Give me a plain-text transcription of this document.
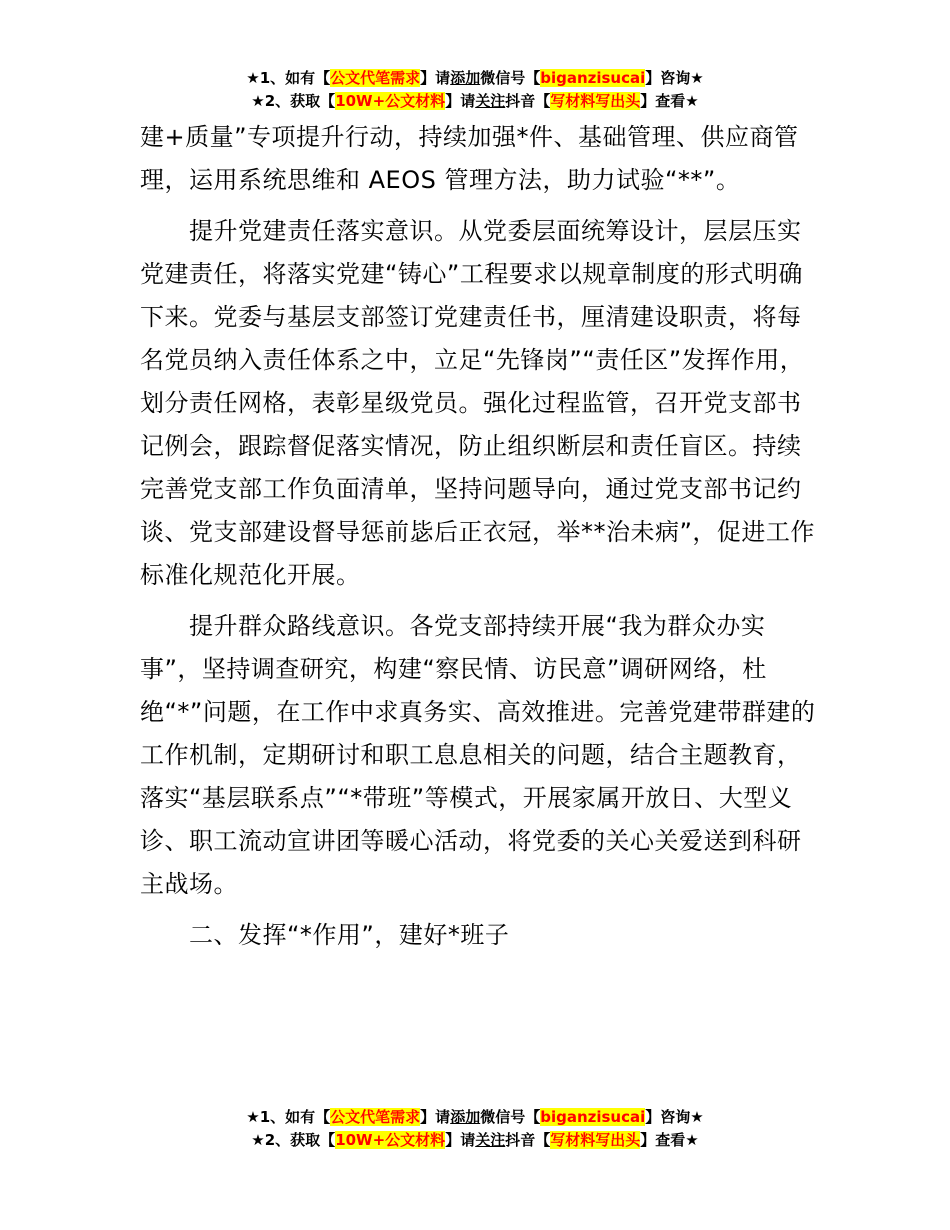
★1、如有【公文代笔需求】请添加微信号【biganzisucai】咨询★
★2、获取【10W+公文材料】请关注抖音【写材料写出头】查看★

建+质量”专项提升行动，持续加强*件、基础管理、供应商管理，运用系统思维和 AEOS 管理方法，助力试验“**”。

提升党建责任落实意识。从党委层面统筹设计，层层压实党建责任，将落实党建“铸心”工程要求以规章制度的形式明确下来。党委与基层支部签订党建责任书，厘清建设职责，将每名党员纳入责任体系之中，立足“先锋岗”“责任区”发挥作用，划分责任网格，表彰星级党员。强化过程监管，召开党支部书记例会，跟踪督促落实情况，防止组织断层和责任盲区。持续完善党支部工作负面清单，坚持问题导向，通过党支部书记约谈、党支部建设督导惩前毖后正衣冠，举**治未病”，促进工作标准化规范化开展。

提升群众路线意识。各党支部持续开展“我为群众办实事”，坚持调查研究，构建“察民情、访民意”调研网络，杜绝“*”问题，在工作中求真务实、高效推进。完善党建带群建的工作机制，定期研讨和职工息息相关的问题，结合主题教育，落实“基层联系点”“*带班”等模式，开展家属开放日、大型义诊、职工流动宣讲团等暖心活动，将党委的关心关爱送到科研主战场。

二、发挥“*作用”，建好*班子

★1、如有【公文代笔需求】请添加微信号【biganzisucai】咨询★
★2、获取【10W+公文材料】请关注抖音【写材料写出头】查看★
